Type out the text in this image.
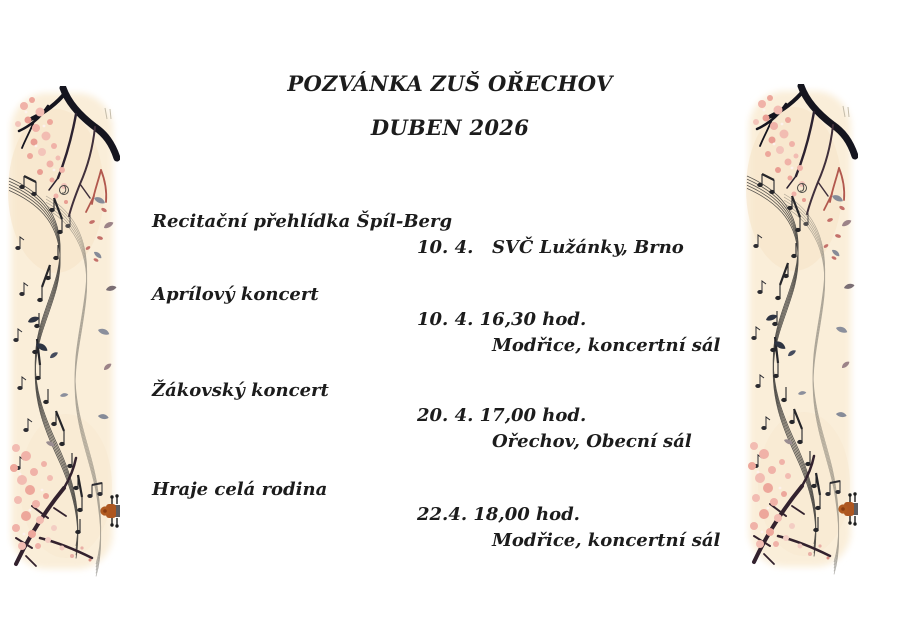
POZVÁNKA ZUŠ OŘECHOV
DUBEN 2026
Recitační přehlídka Špíl-Berg
10. 4. SVČ Lužánky, Brno
Aprílový koncert
10. 4. 16,30 hod.
Modřice, koncertní sál
Žákovský koncert
20. 4. 17,00 hod.
Ořechov, Obecní sál
Hraje celá rodina
22.4. 18,00 hod.
Modřice, koncertní sál
